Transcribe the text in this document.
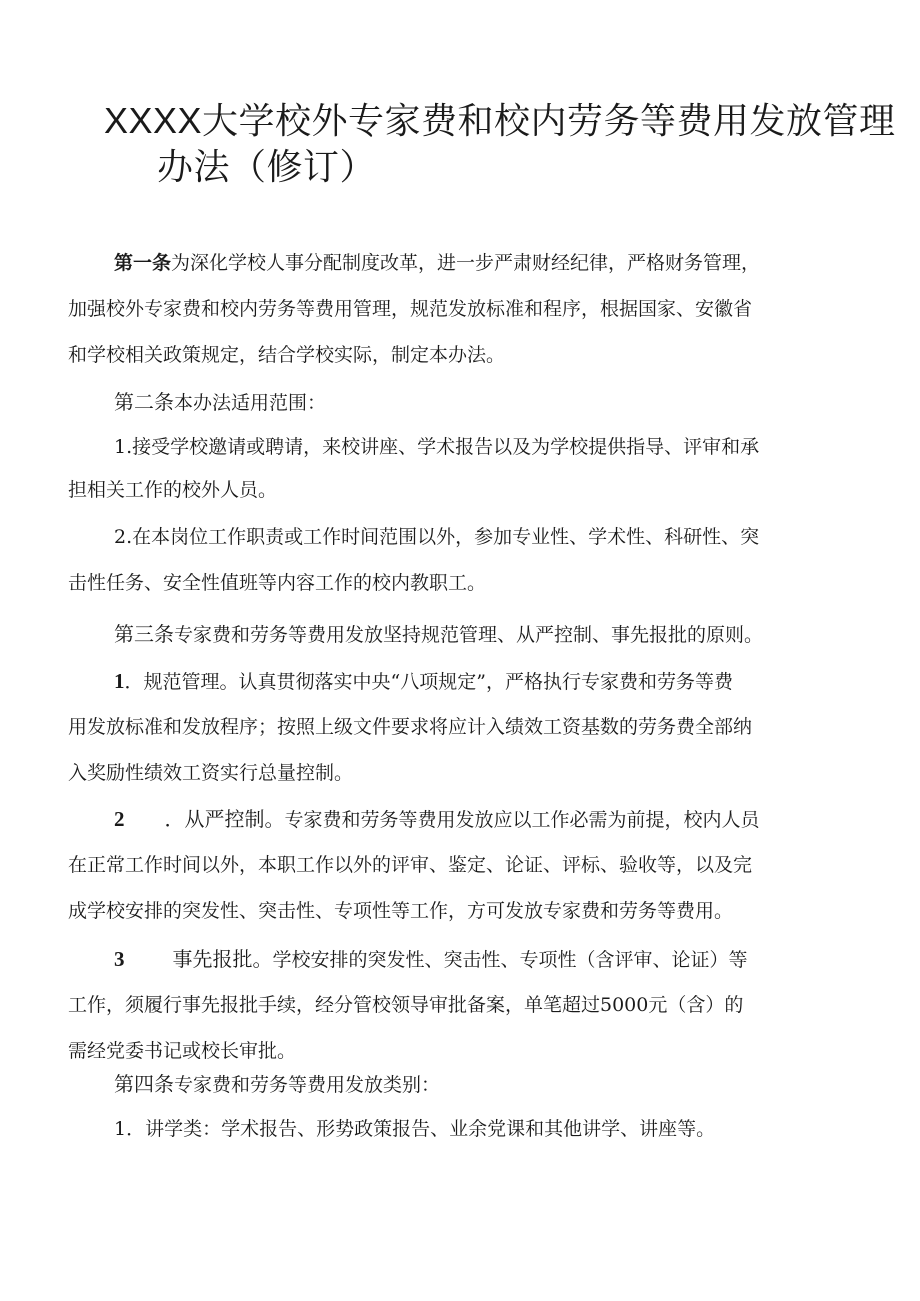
XXXX大学校外专家费和校内劳务等费用发放管理
办法（修订）
第一条为深化学校人事分配制度改革，进一步严肃财经纪律，严格财务管理，
加强校外专家费和校内劳务等费用管理，规范发放标准和程序，根据国家、安徽省
和学校相关政策规定，结合学校实际，制定本办法。
第二条本办法适用范围：
1.接受学校邀请或聘请，来校讲座、学术报告以及为学校提供指导、评审和承
担相关工作的校外人员。
2.在本岗位工作职责或工作时间范围以外，参加专业性、学术性、科研性、突
击性任务、安全性值班等内容工作的校内教职工。
第三条专家费和劳务等费用发放坚持规范管理、从严控制、事先报批的原则。
1．规范管理。认真贯彻落实中央“八项规定”，严格执行专家费和劳务等费
用发放标准和发放程序；按照上级文件要求将应计入绩效工资基数的劳务费全部纳
入奖励性绩效工资实行总量控制。
2 ．从严控制。专家费和劳务等费用发放应以工作必需为前提，校内人员
在正常工作时间以外，本职工作以外的评审、鉴定、论证、评标、验收等，以及完
成学校安排的突发性、突击性、专项性等工作，方可发放专家费和劳务等费用。
3 事先报批。学校安排的突发性、突击性、专项性（含评审、论证）等
工作，须履行事先报批手续，经分管校领导审批备案，单笔超过5000元（含）的
需经党委书记或校长审批。
第四条专家费和劳务等费用发放类别：
1．讲学类：学术报告、形势政策报告、业余党课和其他讲学、讲座等。
